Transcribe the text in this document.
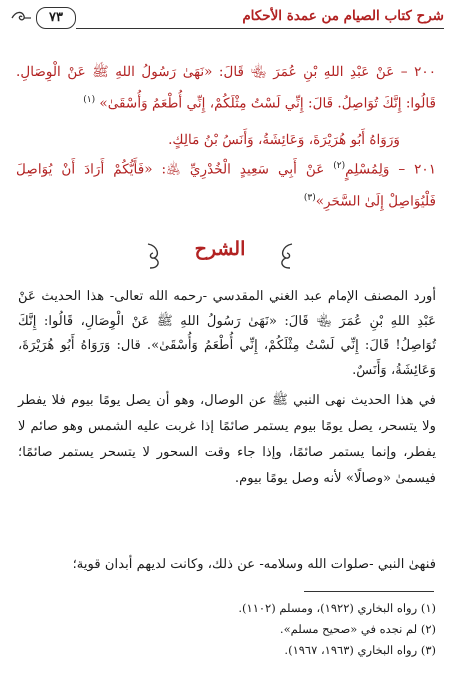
شرح كتاب الصيام من عمدة الأحكام
٧٣

٢٠٠ – عَنْ عَبْدِ اللهِ بْنِ عُمَرَ ﵄ قَالَ: «نَهَىٰ رَسُولُ اللهِ ﷺ عَنْ الْوِصَالِ. قَالُوا: إِنَّكَ تُوَاصِلُ. قَالَ: إِنِّي لَسْتُ مِثْلَكُمْ، إِنِّي أُطْعَمُ وَأُسْقَىٰ» $^{(١)}$

وَرَوَاهُ أَبُو هُرَيْرَةَ، وَعَائِشَةُ، وَأَنَسُ بْنُ مَالِكٍ.

٢٠١ – وَلِمُسْلِمٍ$^{(٢)}$ عَنْ أَبِي سَعِيدٍ الْخُدْرِيِّ ﵁: «فَأَيُّكُمْ أَرَادَ أَنْ يُوَاصِلَ فَلْيُوَاصِلْ إِلَىٰ السَّحَرِ»$^{(٣)}$

الشرح

أورد المصنف الإمام عبد الغني المقدسي -رحمه الله تعالى- هذا الحديث عَنْ عَبْدِ اللهِ بْنِ عُمَرَ ﵄ قَالَ: «نَهَىٰ رَسُولُ اللهِ ﷺ عَنْ الْوِصَالِ، قَالُوا: إِنَّكَ تُوَاصِلُ! قَالَ: إِنِّي لَسْتُ مِثْلَكُمْ، إِنِّي أُطْعَمُ وَأُسْقَىٰ». قال: وَرَوَاهُ أَبُو هُرَيْرَةَ، وَعَائِشَةُ، وَأَنَسٌ.

في هذا الحديث نهى النبي ﷺ عن الوصال، وهو أن يصل يومًا بيوم فلا يفطر ولا يتسحر، يصل يومًا بيوم يستمر صائمًا إذا غربت عليه الشمس وهو صائم لا يفطر، وإنما يستمر صائمًا، وإذا جاء وقت السحور لا يتسحر يستمر صائمًا؛ فيسمىٰ «وصالًا» لأنه وصل يومًا بيوم.

فنهىٰ النبي -صلوات الله وسلامه- عن ذلك، وكانت لديهم أبدان قوية؛

(١) رواه البخاري (١٩٢٢)، ومسلم (١١٠٢).
(٢) لم نجده في «صحيح مسلم».
(٣) رواه البخاري (١٩٦٣، ١٩٦٧).
